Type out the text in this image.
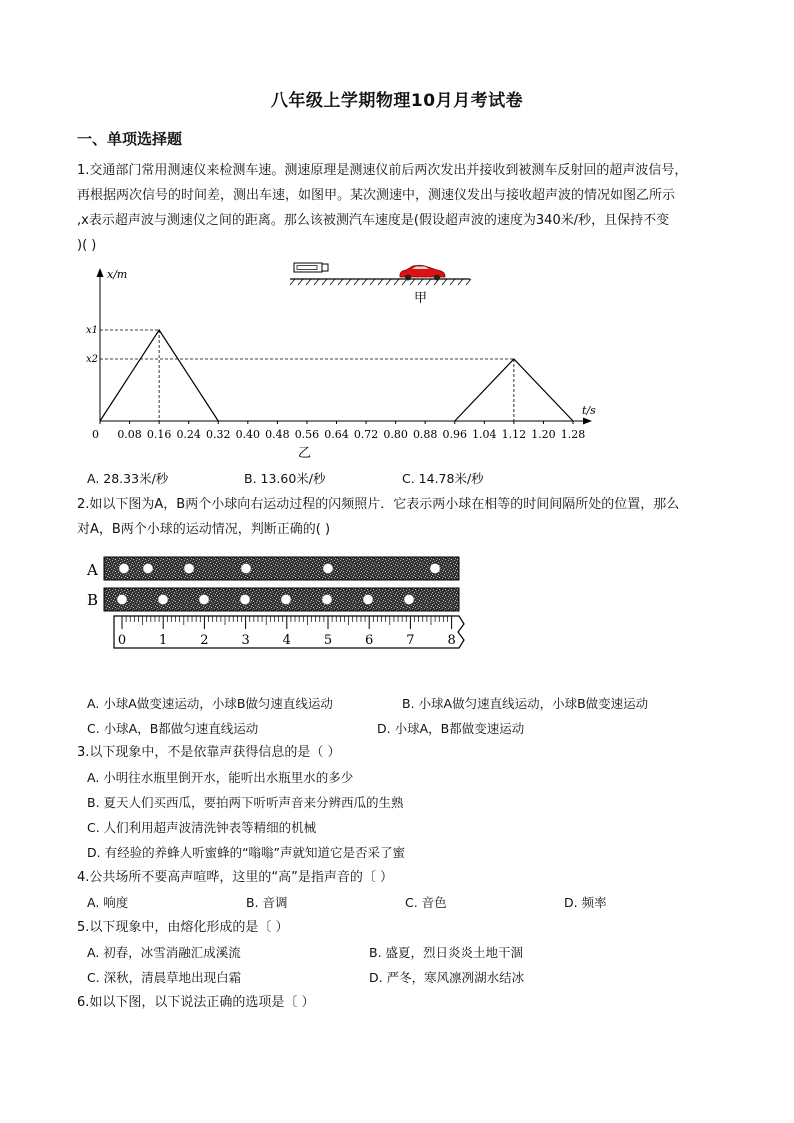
八年级上学期物理10月月考试卷
一、单项选择题
1.交通部门常用测速仪来检测车速。测速原理是测速仪前后两次发出并接收到被测车反射回的超声波信号，
再根据两次信号的时间差，测出车速，如图甲。某次测速中，测速仪发出与接收超声波的情况如图乙所示
,x表示超声波与测速仪之间的距离。那么该被测汽车速度是(假设超声波的速度为340米/秒，且保持不变
)( )
甲
x/m
t/s
x1
x2
0 0.08 0.16 0.24 0.32 0.40 0.48 0.56 0.64 0.72 0.80 0.88 0.96 1.04 1.12 1.20 1.28
乙
A. 28.33米/秒	B. 13.60米/秒	C. 14.78米/秒
2.如以下图为A，B两个小球向右运动过程的闪频照片．它表示两小球在相等的时间间隔所处的位置，那么
对A，B两个小球的运动情况，判断正确的( )
A
B
0	1	2	3	4	5	6	7	8
A. 小球A做变速运动，小球B做匀速直线运动	B. 小球A做匀速直线运动，小球B做变速运动
C. 小球A，B都做匀速直线运动	D. 小球A，B都做变速运动
3.以下现象中，不是依靠声获得信息的是（ ）
A. 小明往水瓶里倒开水，能听出水瓶里水的多少
B. 夏天人们买西瓜，要拍两下听听声音来分辨西瓜的生熟
C. 人们利用超声波清洗钟表等精细的机械
D. 有经验的养蜂人听蜜蜂的“嗡嗡”声就知道它是否采了蜜
4.公共场所不要高声喧哗，这里的“高”是指声音的〔 ）
A. 响度	B. 音调	C. 音色	D. 频率
5.以下现象中，由熔化形成的是〔 ）
A. 初春，冰雪消融汇成溪流	B. 盛夏，烈日炎炎土地干涸
C. 深秋，清晨草地出现白霜	D. 严冬，寒风凛冽湖水结冰
6.如以下图，以下说法正确的选项是〔 ）
